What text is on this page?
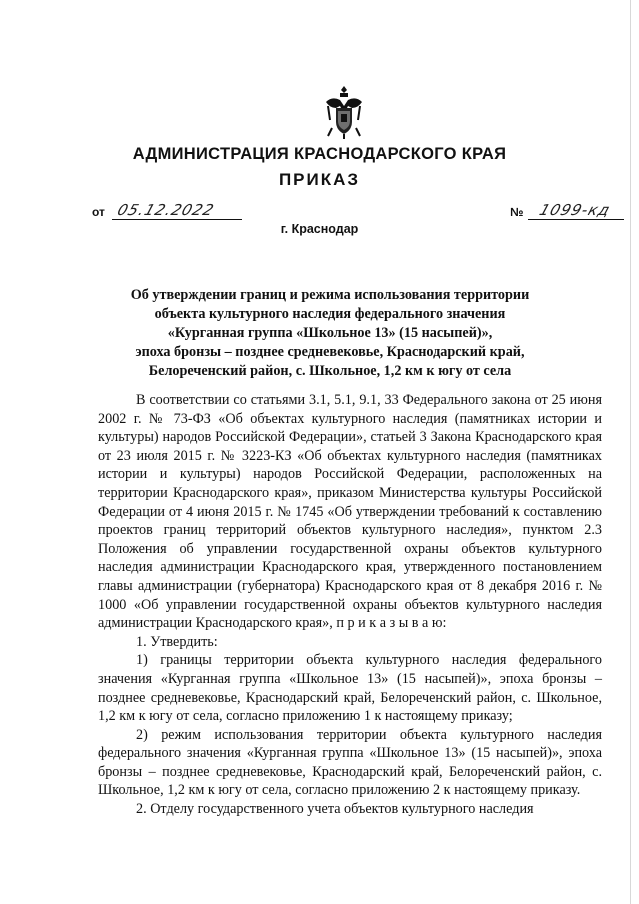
АДМИНИСТРАЦИЯ КРАСНОДАРСКОГО КРАЯ
ПРИКАЗ
от 05.12.2022	№ 1099-кд
г. Краснодар
Об утверждении границ и режима использования территории
объекта культурного наследия федерального значения
«Курганная группа «Школьное 13» (15 насыпей)»,
эпоха бронзы – позднее средневековье, Краснодарский край,
Белореченский район, с. Школьное, 1,2 км к югу от села

В соответствии со статьями 3.1, 5.1, 9.1, 33 Федерального закона от 25 июня 2002 г. № 73-ФЗ «Об объектах культурного наследия (памятниках истории и культуры) народов Российской Федерации», статьей 3 Закона Краснодарского края от 23 июля 2015 г. № 3223-КЗ «Об объектах культурного наследия (памятниках истории и культуры) народов Российской Федерации, расположенных на территории Краснодарского края», приказом Министерства культуры Российской Федерации от 4 июня 2015 г. № 1745 «Об утверждении требований к составлению проектов границ территорий объектов культурного наследия», пунктом 2.3 Положения об управлении государственной охраны объектов культурного наследия администрации Краснодарского края, утвержденного постановлением главы администрации (губернатора) Краснодарского края от 8 декабря 2016 г. № 1000 «Об управлении государственной охраны объектов культурного наследия администрации Краснодарского края», п р и к а з ы в а ю:

1. Утвердить:

1) границы территории объекта культурного наследия федерального значения «Курганная группа «Школьное 13» (15 насыпей)», эпоха бронзы – позднее средневековье, Краснодарский край, Белореченский район, с. Школьное, 1,2 км к югу от села, согласно приложению 1 к настоящему приказу;

2) режим использования территории объекта культурного наследия федерального значения «Курганная группа «Школьное 13» (15 насыпей)», эпоха бронзы – позднее средневековье, Краснодарский край, Белореченский район, с. Школьное, 1,2 км к югу от села, согласно приложению 2 к настоящему приказу.

2. Отделу государственного учета объектов культурного наследия
